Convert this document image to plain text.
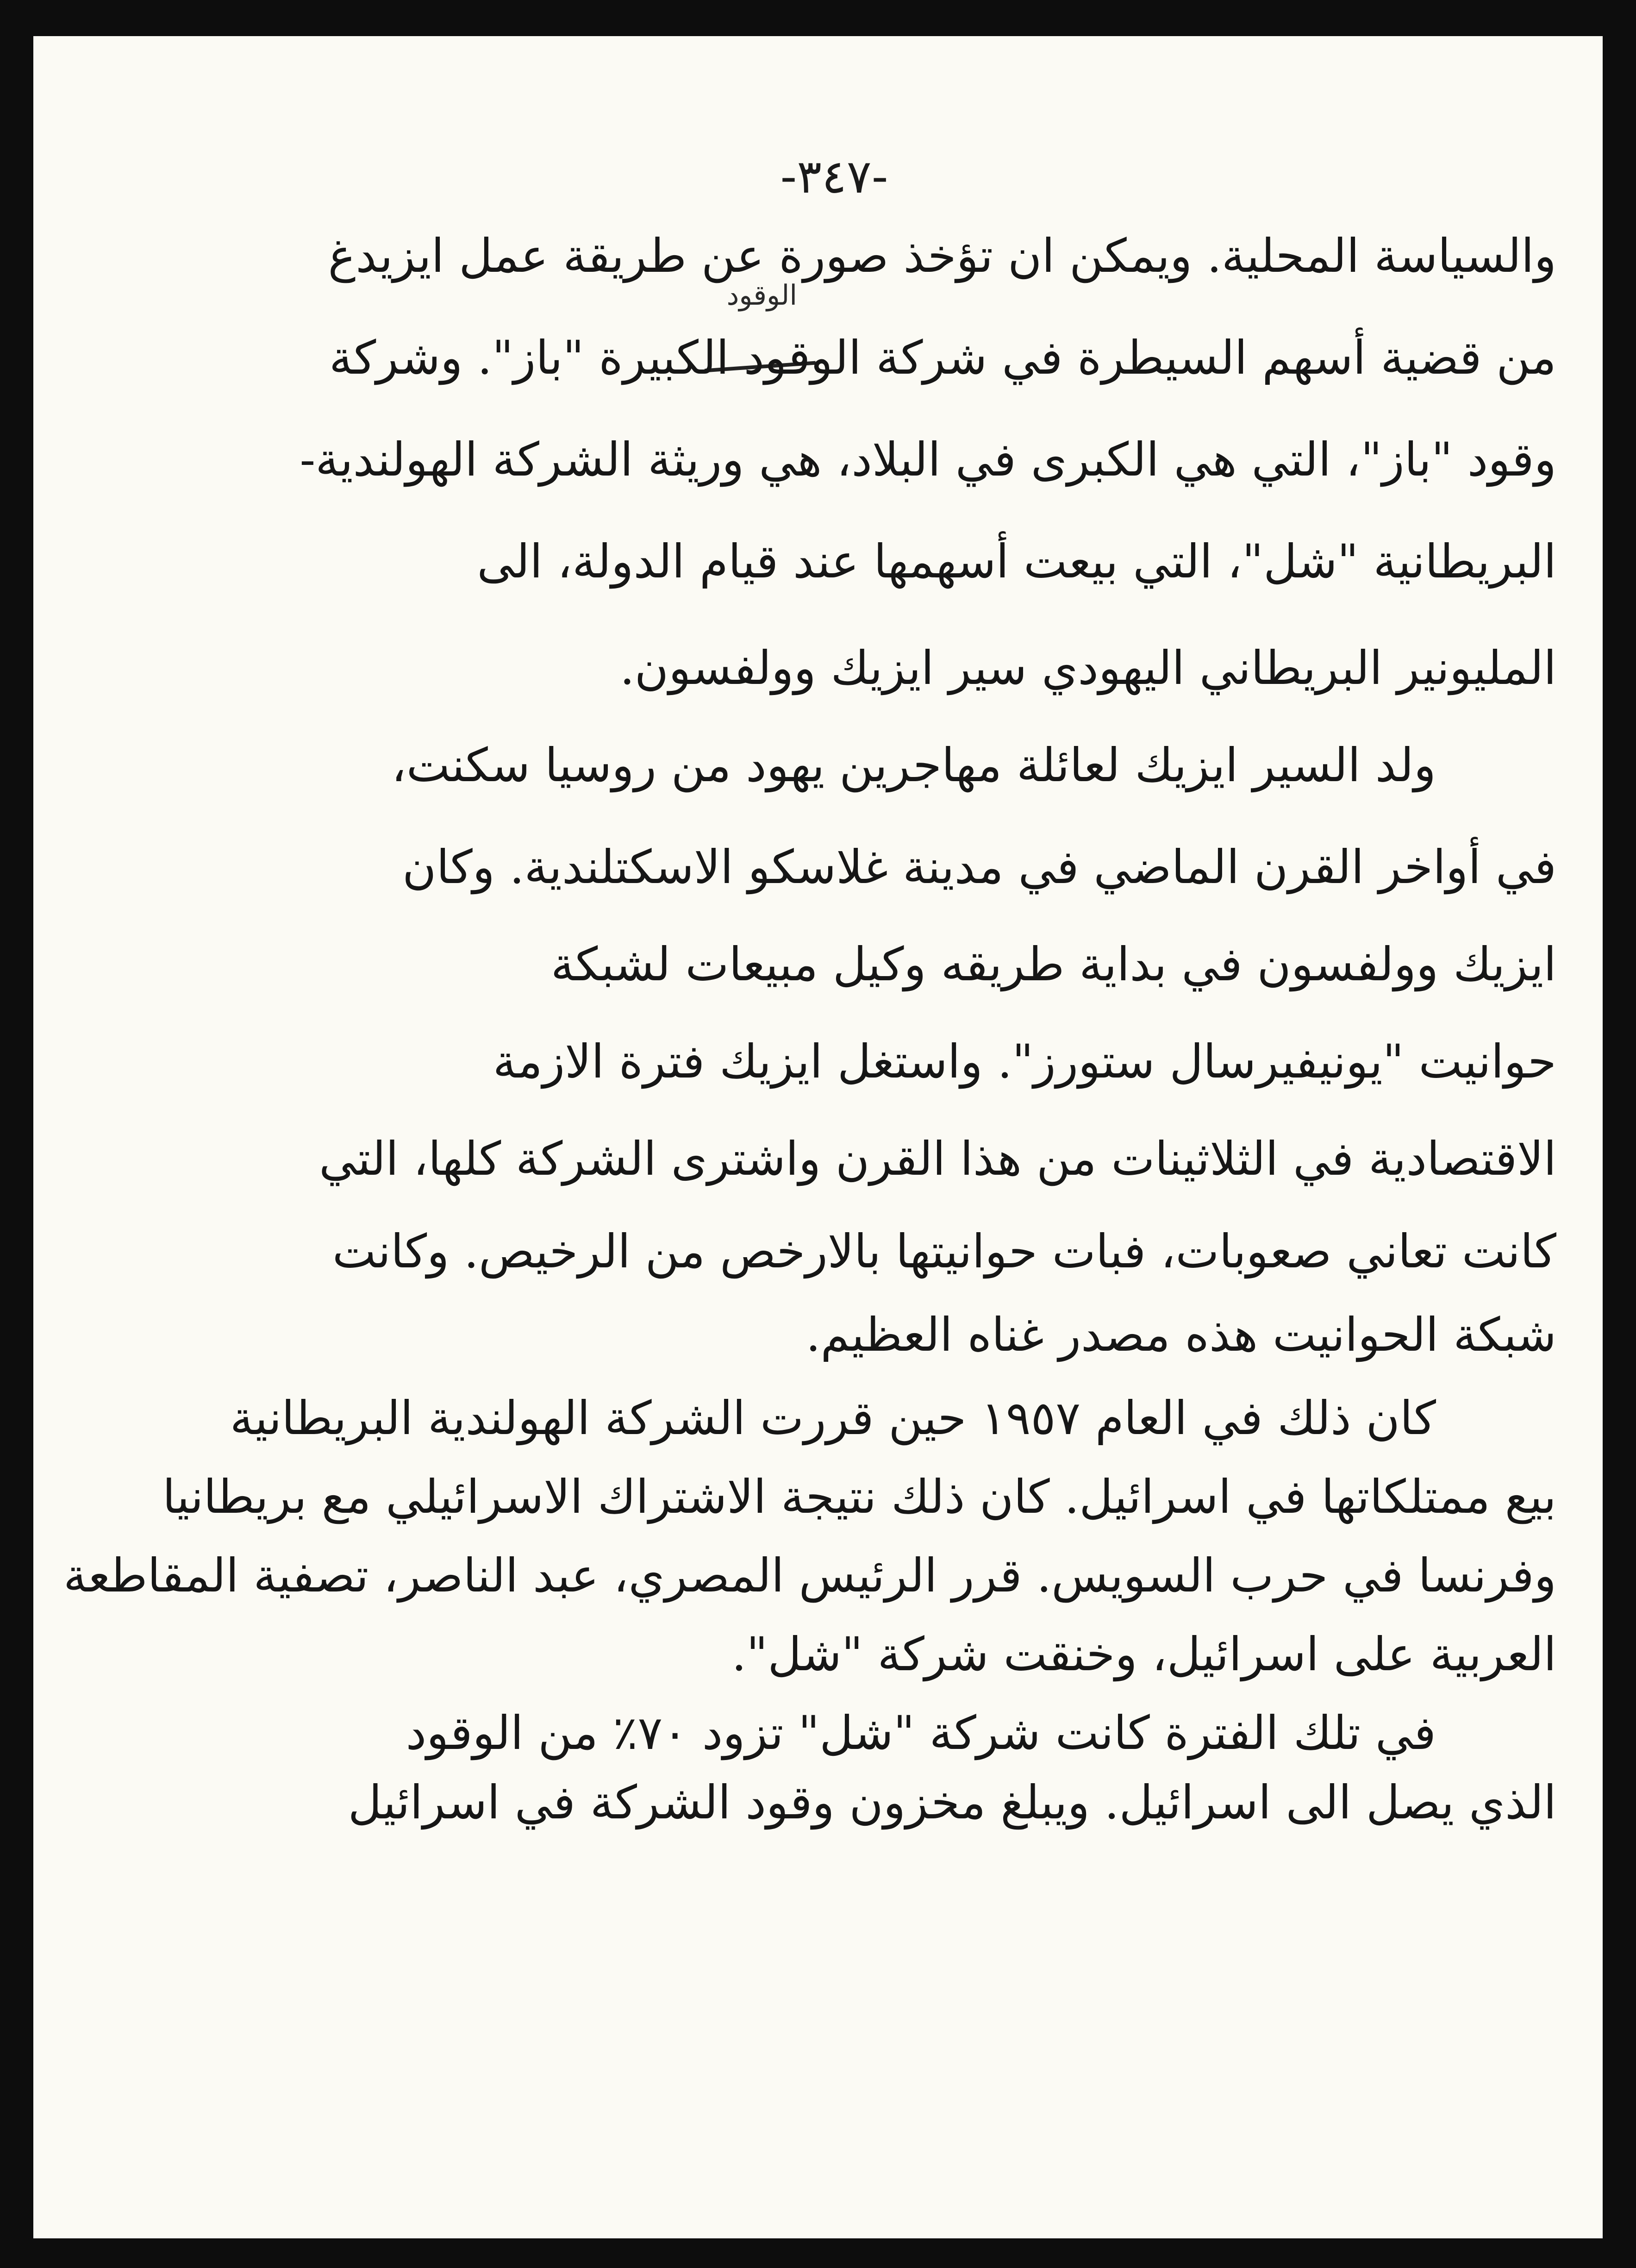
-٣٤٧-
الوقود
والسياسة المحلية. ويمكن ان تؤخذ صورة عن طريقة عمل ايزيدغ
من قضية أسهم السيطرة في شركة الوقود الكبيرة "باز". وشركة
وقود "باز"، التي هي الكبرى في البلاد، هي وريثة الشركة الهولندية-
البريطانية "شل"، التي بيعت أسهمها عند قيام الدولة، الى
المليونير البريطاني اليهودي سير ايزيك وولفسون.
ولد السير ايزيك لعائلة مهاجرين يهود من روسيا سكنت،
في أواخر القرن الماضي في مدينة غلاسكو الاسكتلندية. وكان
ايزيك وولفسون في بداية طريقه وكيل مبيعات لشبكة
حوانيت "يونيفيرسال ستورز". واستغل ايزيك فترة الازمة
الاقتصادية في الثلاثينات من هذا القرن واشترى الشركة كلها، التي
كانت تعاني صعوبات، فبات حوانيتها بالارخص من الرخيص. وكانت
شبكة الحوانيت هذه مصدر غناه العظيم.
كان ذلك في العام ١٩٥٧ حين قررت الشركة الهولندية البريطانية
بيع ممتلكاتها في اسرائيل. كان ذلك نتيجة الاشتراك الاسرائيلي مع بريطانيا
وفرنسا في حرب السويس. قرر الرئيس المصري، عبد الناصر، تصفية المقاطعة
العربية على اسرائيل، وخنقت شركة "شل".
في تلك الفترة كانت شركة "شل" تزود ٧٠٪ من الوقود
الذي يصل الى اسرائيل. ويبلغ مخزون وقود الشركة في اسرائيل
